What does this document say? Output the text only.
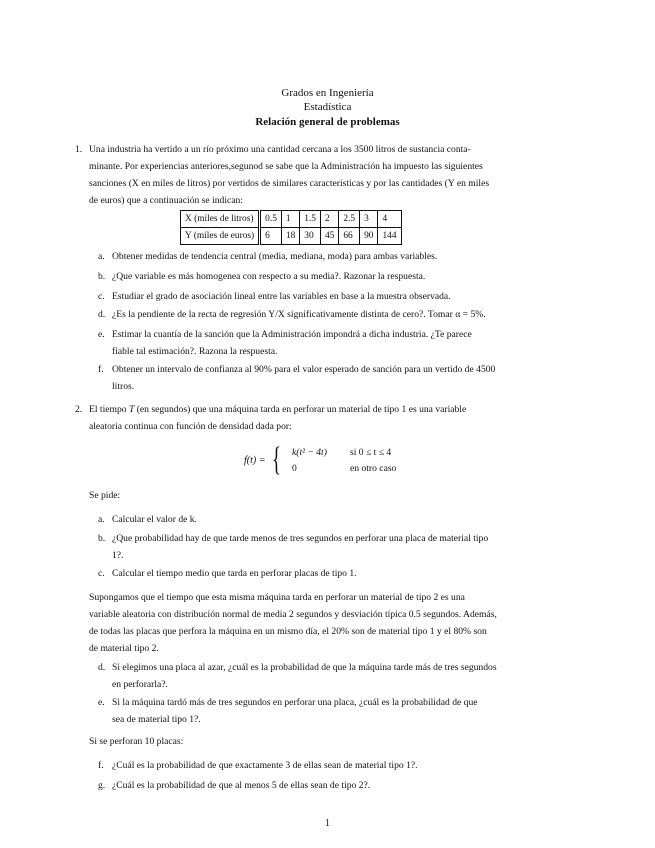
Grados en Ingeniería
Estadística
Relación general de problemas
1. Una industria ha vertido a un río próximo una cantidad cercana a los 3500 litros de sustancia conta-
minante. Por experiencias anteriores,segunod se sabe que la Administración ha impuesto las siguientes
sanciones (X en miles de litros) por vertidos de similares características y por las cantidades (Y en miles
de euros) que a continuación se indican:
X (miles de litros)	0.5	1	1.5	2	2.5	3	4
Y (miles de euros)	6	18	30	45	66	90	144
a. Obtener medidas de tendencia central (media, mediana, moda) para ambas variables.
b. ¿Que variable es más homogenea con respecto a su media?. Razonar la respuesta.
c. Estudiar el grado de asociación lineal entre las variables en base a la muestra observada.
d. ¿Es la pendiente de la recta de regresión Y/X significativamente distinta de cero?. Tomar α = 5%.
e. Estimar la cuantía de la sanción que la Administración impondrá a dicha industria. ¿Te parece
fiable tal estimación?. Razona la respuesta.
f. Obtener un intervalo de confianza al 90% para el valor esperado de sanción para un vertido de 4500
litros.
2. El tiempo T (en segundos) que una máquina tarda en perforar un material de tipo 1 es una variable
aleatoria continua con función de densidad dada por:
f(t) = { k(t² − 4t) si 0 ≤ t ≤ 4
0	en otro caso
Se pide:
a. Calcular el valor de k.
b. ¿Que probabilidad hay de que tarde menos de tres segundos en perforar una placa de material tipo
1?.
c. Calcular el tiempo medio que tarda en perforar placas de tipo 1.
Supongamos que el tiempo que esta misma máquina tarda en perforar un material de tipo 2 es una
variable aleatoria con distribución normal de media 2 segundos y desviación típica 0.5 segundos. Además,
de todas las placas que perfora la máquina en un mismo día, el 20% son de material tipo 1 y el 80% son
de material tipo 2.
d. Si elegimos una placa al azar, ¿cuál es la probabilidad de que la máquina tarde más de tres segundos
en perforarla?.
e. Si la máquina tardó más de tres segundos en perforar una placa, ¿cuál es la probabilidad de que
sea de material tipo 1?.
Si se perforan 10 placas:
f. ¿Cuál es la probabilidad de que exactamente 3 de ellas sean de material tipo 1?.
g. ¿Cuál es la probabilidad de que al menos 5 de ellas sean de tipo 2?.
1
